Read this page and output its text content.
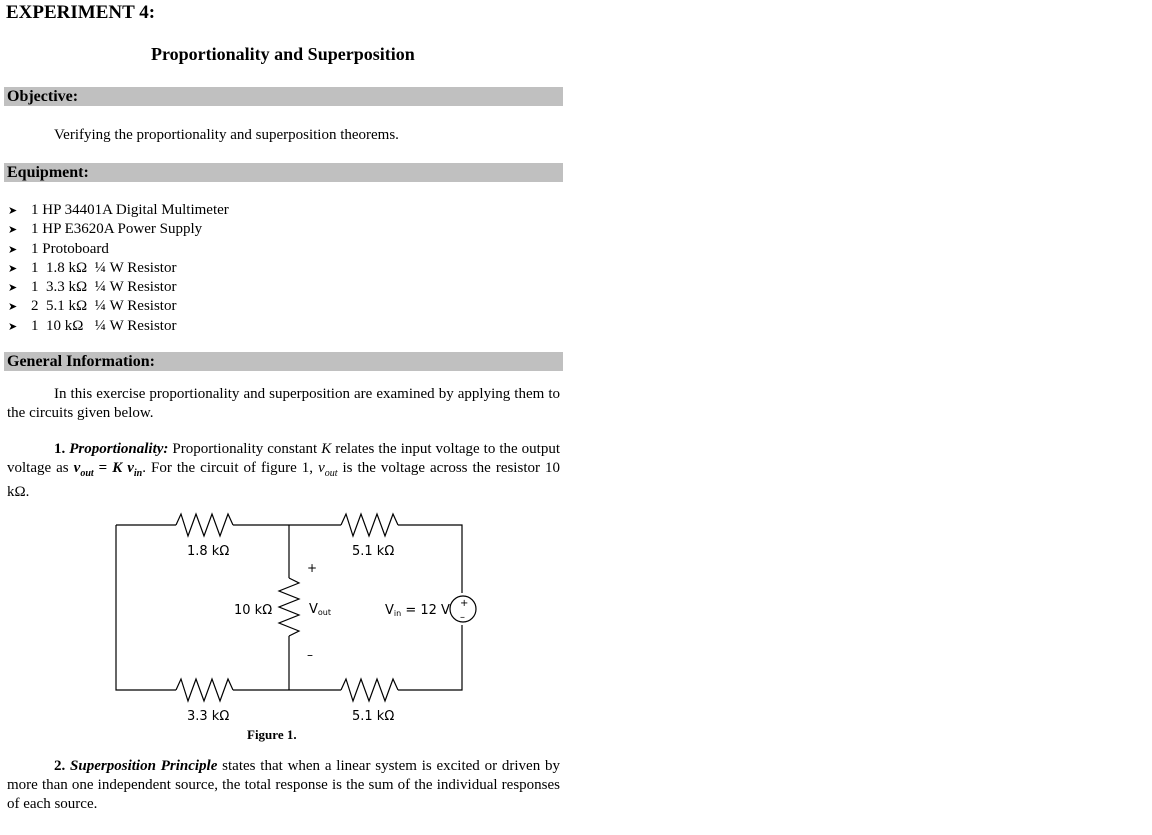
EXPERIMENT 4:
Proportionality and Superposition
Objective:
Verifying the proportionality and superposition theorems.
Equipment:
➤ 1 HP 34401A Digital Multimeter
➤ 1 HP E3620A Power Supply
➤ 1 Protoboard
➤ 1  1.8 kΩ  ¼ W Resistor
➤ 1  3.3 kΩ  ¼ W Resistor
➤ 2  5.1 kΩ  ¼ W Resistor
➤ 1  10 kΩ   ¼ W Resistor
General Information:
In this exercise proportionality and superposition are examined by applying them to the circuits given below.
1. Proportionality: Proportionality constant K relates the input voltage to the output voltage as $v_{out} = K$ $v_{in}$. For the circuit of figure 1, $v_{out}$ is the voltage across the resistor 10 kΩ.
1.8 kΩ	5.1 kΩ
10 kΩ
3.3 kΩ	5.1 kΩ
+
–
Vout	Vin = 12 V +
–
Figure 1.
2. Superposition Principle states that when a linear system is excited or driven by more than one independent source, the total response is the sum of the individual responses of each source.
